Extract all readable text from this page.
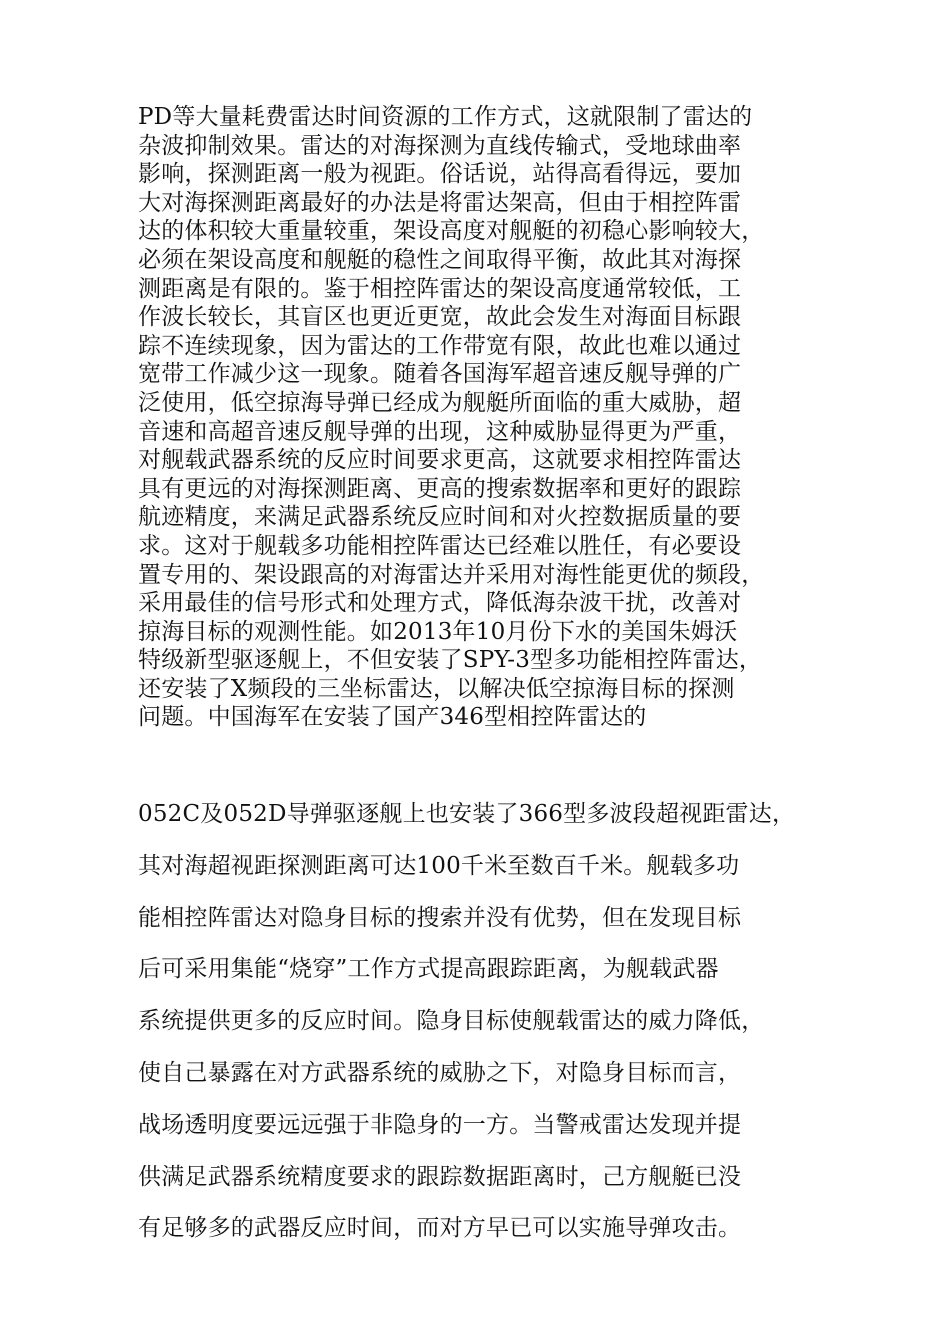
PD等大量耗费雷达时间资源的工作方式，这就限制了雷达的
杂波抑制效果。雷达的对海探测为直线传输式，受地球曲率
影响，探测距离一般为视距。俗话说，站得高看得远，要加
大对海探测距离最好的办法是将雷达架高，但由于相控阵雷
达的体积较大重量较重，架设高度对舰艇的初稳心影响较大，
必须在架设高度和舰艇的稳性之间取得平衡，故此其对海探
测距离是有限的。鉴于相控阵雷达的架设高度通常较低，工
作波长较长，其盲区也更近更宽，故此会发生对海面目标跟
踪不连续现象，因为雷达的工作带宽有限，故此也难以通过
宽带工作减少这一现象。随着各国海军超音速反舰导弹的广
泛使用，低空掠海导弹已经成为舰艇所面临的重大威胁，超
音速和高超音速反舰导弹的出现，这种威胁显得更为严重，
对舰载武器系统的反应时间要求更高，这就要求相控阵雷达
具有更远的对海探测距离、更高的搜索数据率和更好的跟踪
航迹精度，来满足武器系统反应时间和对火控数据质量的要
求。这对于舰载多功能相控阵雷达已经难以胜任，有必要设
置专用的、架设跟高的对海雷达并采用对海性能更优的频段，
采用最佳的信号形式和处理方式，降低海杂波干扰，改善对
掠海目标的观测性能。如2013年10月份下水的美国朱姆沃
特级新型驱逐舰上，不但安装了SPY-3型多功能相控阵雷达，
还安装了X频段的三坐标雷达，以解决低空掠海目标的探测
问题。中国海军在安装了国产346型相控阵雷达的
052C及052D导弹驱逐舰上也安装了366型多波段超视距雷达，
其对海超视距探测距离可达100千米至数百千米。舰载多功
能相控阵雷达对隐身目标的搜索并没有优势，但在发现目标
后可采用集能“烧穿”工作方式提高跟踪距离，为舰载武器
系统提供更多的反应时间。隐身目标使舰载雷达的威力降低，
使自己暴露在对方武器系统的威胁之下，对隐身目标而言，
战场透明度要远远强于非隐身的一方。当警戒雷达发现并提
供满足武器系统精度要求的跟踪数据距离时，己方舰艇已没
有足够多的武器反应时间，而对方早已可以实施导弹攻击。
